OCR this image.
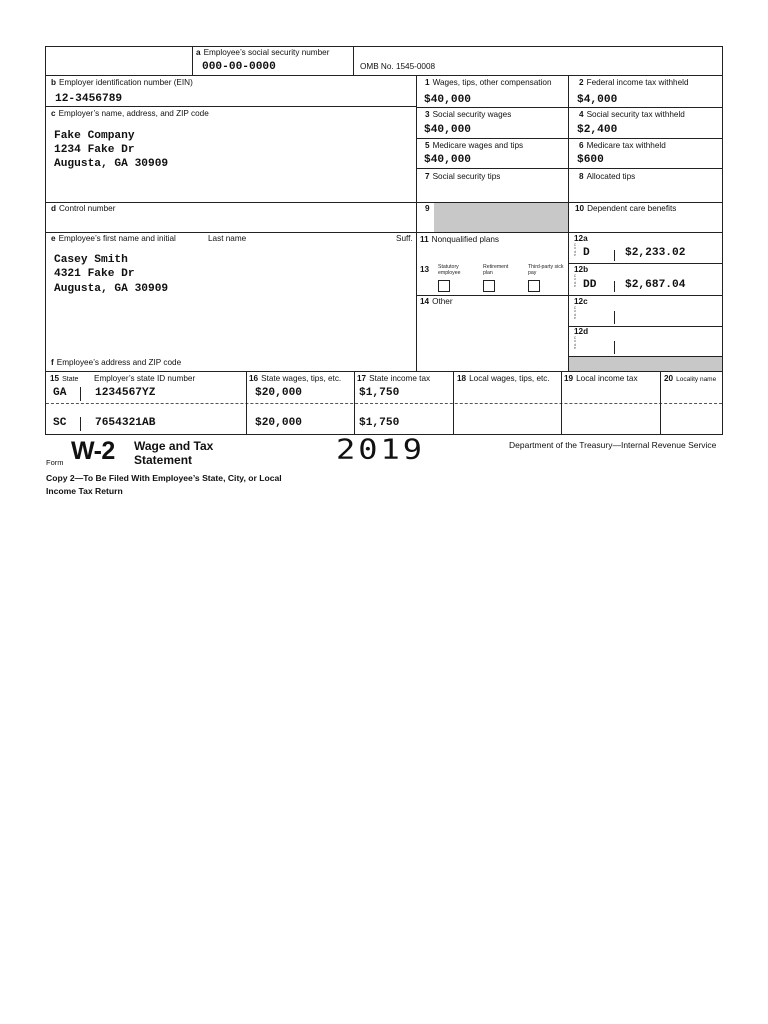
a Employee’s social security number
000-00-0000	OMB No. 1545-0008
b Employer identification number (EIN)
12-3456789
c Employer’s name, address, and ZIP code
Fake Company
1234 Fake Dr
Augusta, GA 30909
d Control number
e Employee’s first name and initial	Last name	Suff.
Casey Smith
4321 Fake Dr
Augusta, GA 30909
f Employee’s address and ZIP code
1 Wages, tips, other compensation
$40,000
2 Federal income tax withheld
$4,000
3 Social security wages
$40,000
4 Social security tax withheld
$2,400
5 Medicare wages and tips
$40,000
6 Medicare tax withheld
$600
7 Social security tips	8 Allocated tips
9	10 Dependent care benefits
11 Nonqualified plans
13	Statutory employee
Retirement plan
Third-party sick pay
14 Other
12a
C o d e D	$2,233.02
12b
C o d e DD	$2,687.04
12c
C o d e
12d
C o d e
15 State Employer’s state ID number	16 State wages, tips, etc. 17 State income tax	18 Local wages, tips, etc. 19 Local income tax	20 Locality name
GA	1234567YZ	$20,000	$1,750
SC	7654321AB	$20,000	$1,750
Form W-2 Wage and Tax
Statement	2019	Department of the Treasury—Internal Revenue Service
Copy 2—To Be Filed With Employee’s State, City, or Local
Income Tax Return
